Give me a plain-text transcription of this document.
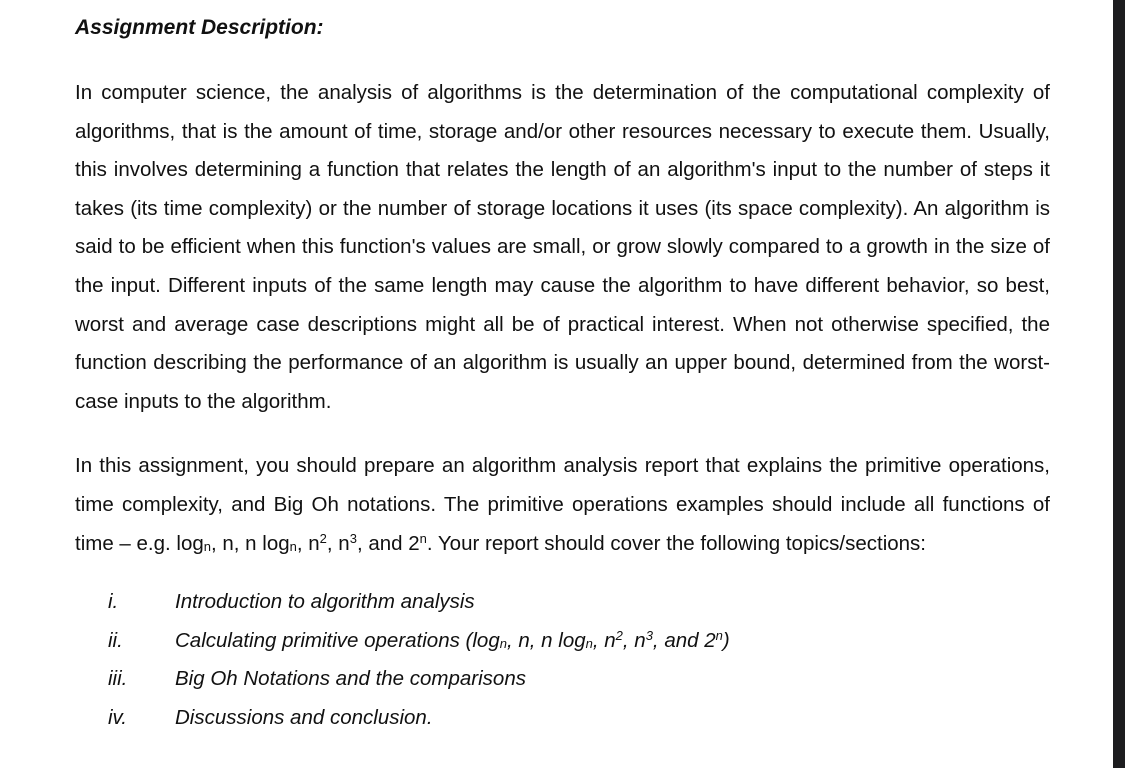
Assignment Description:

In computer science, the analysis of algorithms is the determination of the computational complexity of algorithms, that is the amount of time, storage and/or other resources necessary to execute them. Usually, this involves determining a function that relates the length of an algorithm's input to the number of steps it takes (its time complexity) or the number of storage locations it uses (its space complexity). An algorithm is said to be efficient when this function's values are small, or grow slowly compared to a growth in the size of the input. Different inputs of the same length may cause the algorithm to have different behavior, so best, worst and average case descriptions might all be of practical interest. When not otherwise specified, the function describing the performance of an algorithm is usually an upper bound, determined from the worst-case inputs to the algorithm.

In this assignment, you should prepare an algorithm analysis report that explains the primitive operations, time complexity, and Big Oh notations. The primitive operations examples should include all functions of time – e.g. $\log_n$, n, n $\log_n$, $n^2$, $n^3$, and 2$^n$. Your report should cover the following topics/sections:

i.	Introduction to algorithm analysis
ii.	Calculating primitive operations ($\log_n$, n, n $\log_n$, $n^2$, $n^3$, and 2$^n$)
iii. Big Oh Notations and the comparisons
iv. Discussions and conclusion.
